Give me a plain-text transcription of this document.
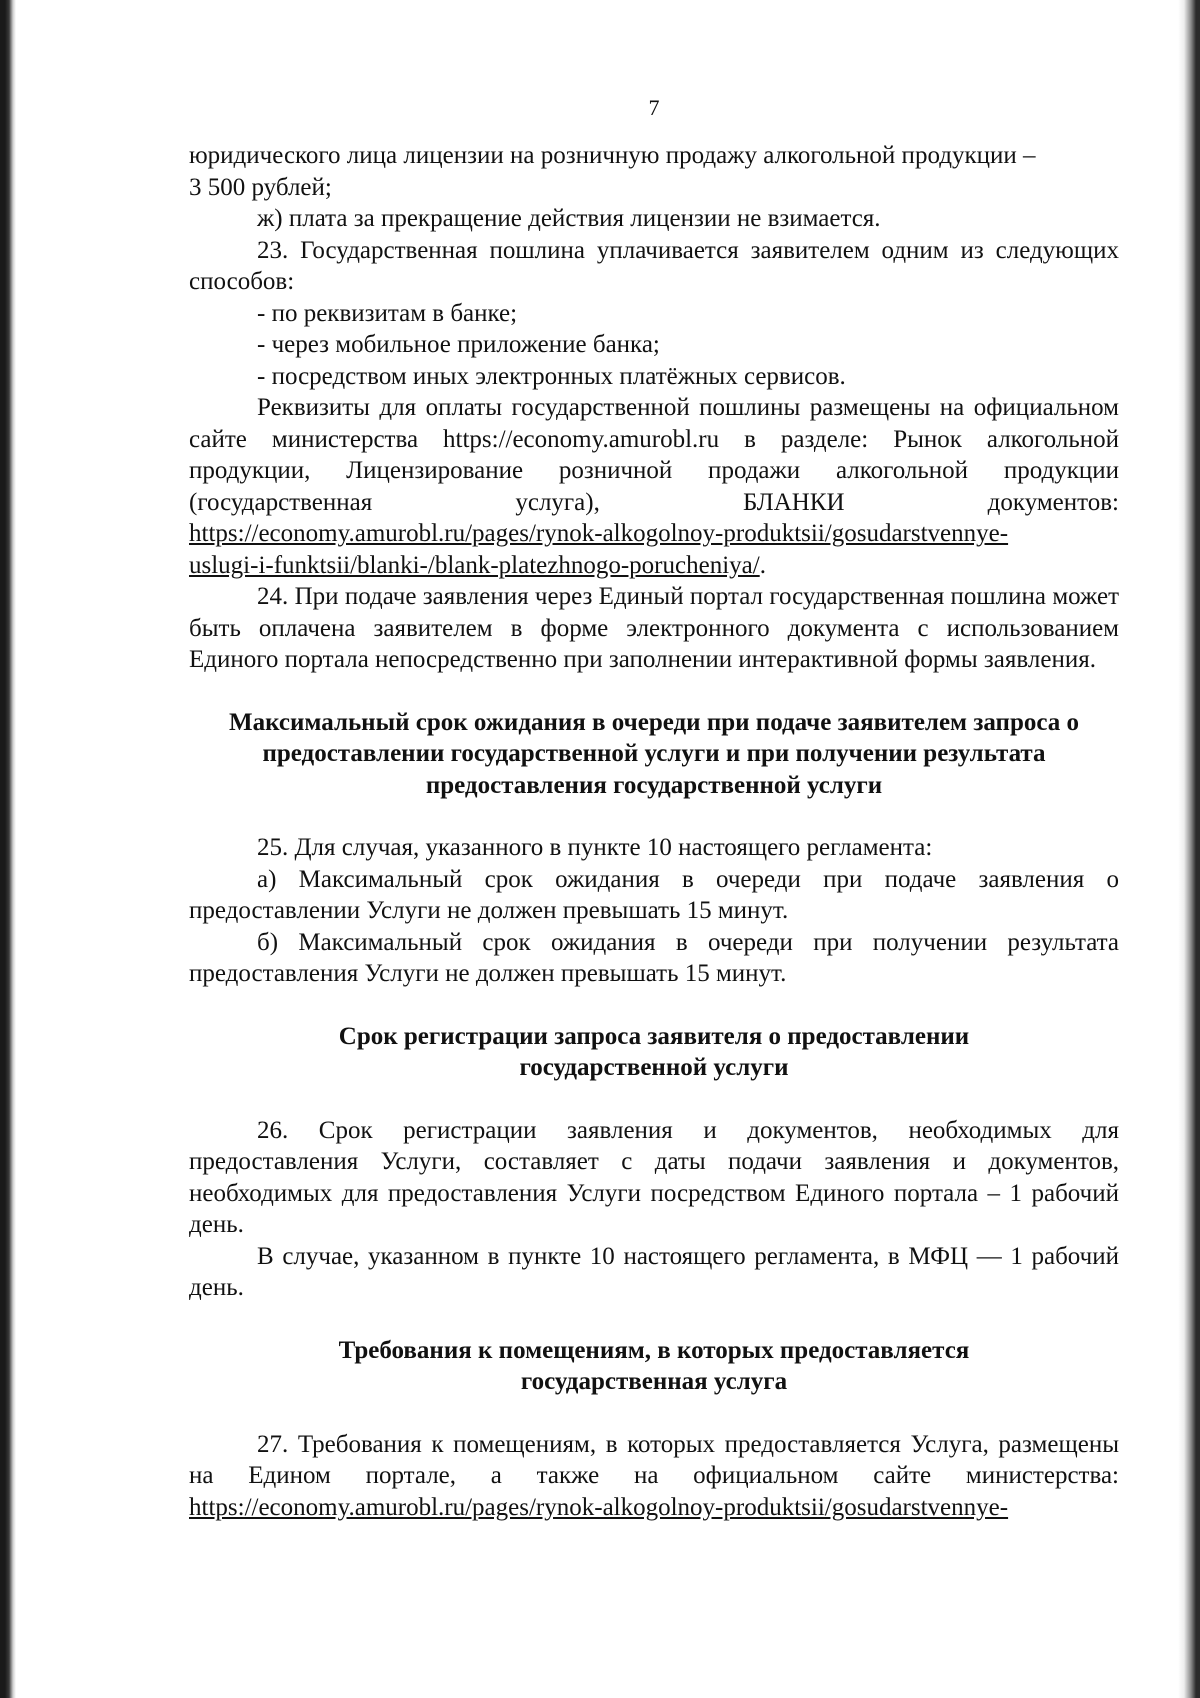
7

юридического лица лицензии на розничную продажу алкогольной продукции –
3 500 рублей;

ж) плата за прекращение действия лицензии не взимается.

23. Государственная пошлина уплачивается заявителем одним из следующих способов:

- по реквизитам в банке;

- через мобильное приложение банка;

- посредством иных электронных платёжных сервисов.

Реквизиты для оплаты государственной пошлины размещены на официальном сайте министерства https://economy.amurobl.ru в разделе: Рынок алкогольной продукции, Лицензирование розничной продажи алкогольной продукции (государственная услуга), БЛАНКИ документов: https://economy.amurobl.ru/pages/rynok-alkogolnoy-produktsii/gosudarstvennye-
uslugi-i-funktsii/blanki-/blank-platezhnogo-porucheniya/.

24. При подаче заявления через Единый портал государственная пошлина может быть оплачена заявителем в форме электронного документа с использованием Единого портала непосредственно при заполнении интерактивной формы заявления.

Максимальный срок ожидания в очереди при подаче заявителем запроса о
предоставлении государственной услуги и при получении результата
предоставления государственной услуги

25. Для случая, указанного в пункте 10 настоящего регламента:

а) Максимальный срок ожидания в очереди при подаче заявления о предоставлении Услуги не должен превышать 15 минут.

б) Максимальный срок ожидания в очереди при получении результата предоставления Услуги не должен превышать 15 минут.

Срок регистрации запроса заявителя о предоставлении
государственной услуги

26. Срок регистрации заявления и документов, необходимых для предоставления Услуги, составляет с даты подачи заявления и документов, необходимых для предоставления Услуги посредством Единого портала – 1 рабочий день.

В случае, указанном в пункте 10 настоящего регламента, в МФЦ — 1 рабочий день.

Требования к помещениям, в которых предоставляется
государственная услуга

27. Требования к помещениям, в которых предоставляется Услуга, размещены на Едином портале, а также на официальном сайте министерства: https://economy.amurobl.ru/pages/rynok-alkogolnoy-produktsii/gosudarstvennye-
